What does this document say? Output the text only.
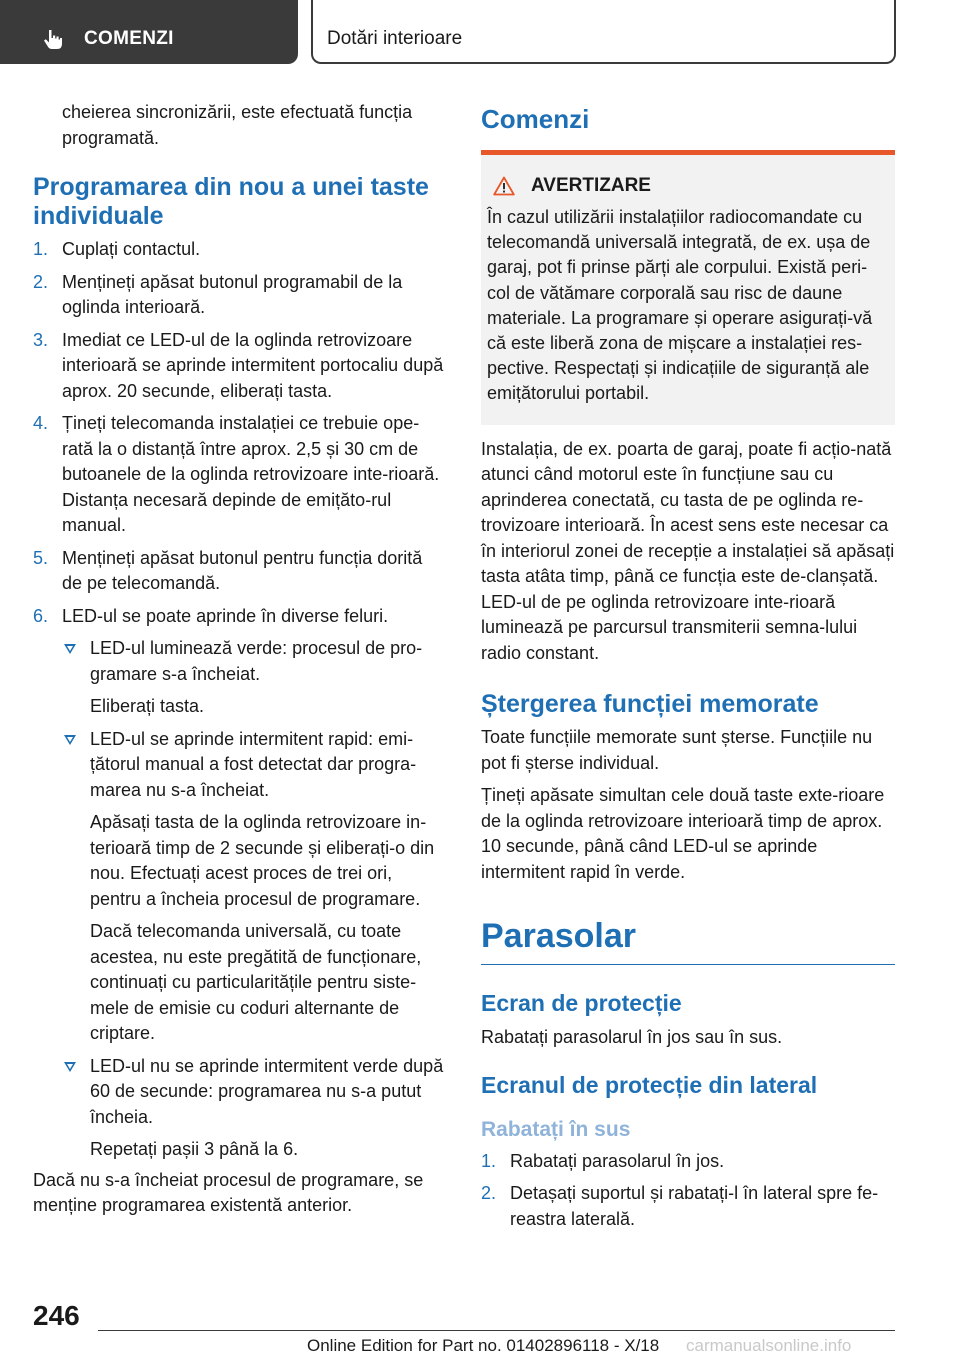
COMENZI	Dotări interioare

cheierea sincronizării, este efectuată funcția programată.

Programarea din nou a unei taste individuale
1. Cuplați contactul.
2. Mențineți apăsat butonul programabil de la oglinda interioară.
3. Imediat ce LED-ul de la oglinda retrovizoare interioară se aprinde intermitent portocaliu după aprox. 20 secunde, eliberați tasta.
4. Țineți telecomanda instalației ce trebuie ope‐rată la o distanță între aprox. 2,5 și 30 cm de butoanele de la oglinda retrovizoare inte‐rioară. Distanța necesară depinde de emițăto‐rul manual.
5. Mențineți apăsat butonul pentru funcția dorită de pe telecomandă.
6. LED-ul se poate aprinde în diverse feluri.
LED-ul luminează verde: procesul de pro‐gramare s-a încheiat.

Eliberați tasta.

LED-ul se aprinde intermitent rapid: emi‐țătorul manual a fost detectat dar progra‐marea nu s-a încheiat.

Apăsați tasta de la oglinda retrovizoare in‐terioară timp de 2 secunde și eliberați-o din nou. Efectuați acest proces de trei ori, pentru a încheia procesul de programare.

Dacă telecomanda universală, cu toate acestea, nu este pregătită de funcționare, continuați cu particularitățile pentru siste‐mele de emisie cu coduri alternante de criptare.

LED-ul nu se aprinde intermitent verde după 60 de secunde: programarea nu s-a putut încheia.

Repetați pașii 3 până la 6.

Dacă nu s-a încheiat procesul de programare, se menține programarea existentă anterior.

Comenzi
AVERTIZARE

În cazul utilizării instalațiilor radiocomandate cu telecomandă universală integrată, de ex. ușa de garaj, pot fi prinse părți ale corpului. Există peri‐col de vătămare corporală sau risc de daune materiale. La programare și operare asigurați-vă că este liberă zona de mișcare a instalației res‐pective. Respectați și indicațiile de siguranță ale emițătorului portabil.

Instalația, de ex. poarta de garaj, poate fi acțio‐nată atunci când motorul este în funcțiune sau cu aprinderea conectată, cu tasta de pe oglinda re‐trovizoare interioară. În acest sens este necesar ca în interiorul zonei de recepție a instalației să apăsați tasta atâta timp, până ce funcția este de‐clanșată. LED-ul de pe oglinda retrovizoare inte‐rioară luminează pe parcursul transmiterii semna‐lului radio constant.

Ștergerea funcției memorate

Toate funcțiile memorate sunt șterse. Funcțiile nu pot fi șterse individual.

Țineți apăsate simultan cele două taste exte‐rioare de la oglinda retrovizoare interioară timp de aprox. 10 secunde, până când LED-ul se aprinde intermitent rapid în verde.

Parasolar
Ecran de protecție

Rabatați parasolarul în jos sau în sus.

Ecranul de protecție din lateral
Rabatați în sus
1. Rabatați parasolarul în jos.
2. Detașați suportul și rabatați-l în lateral spre fe‐reastra laterală.
246
Online Edition for Part no. 01402896118 - X/18 carmanualsonline.info
